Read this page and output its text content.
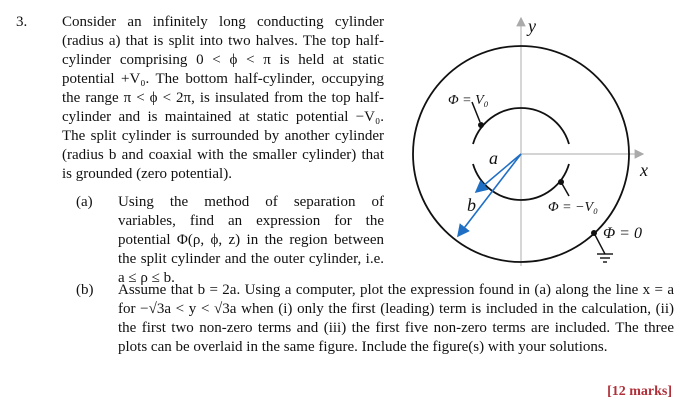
3. Consider an infinitely long conducting cylinder (radius a) that is split into two halves. The top half-cylinder comprising 0 < ϕ < π is held at static potential +V₀. The bottom half-cylinder, occupying the range π < ϕ < 2π, is insulated from the top half-cylinder and is maintained at static potential −V₀. The split cylinder is surrounded by another cylinder (radius b and coaxial with the smaller cylinder) that is grounded (zero potential).
(a) Using the method of separation of variables, find an expression for the potential Φ(ρ, ϕ, z) in the region between the split cylinder and the outer cylinder, i.e. a ≤ ρ ≤ b.
(b) Assume that b = 2a. Using a computer, plot the expression found in (a) along the line x = a for −√3a < y < √3a when (i) only the first (leading) term is included in the calculation, (ii) the first two non-zero terms and (iii) the first five non-zero terms are included. The three plots can be overlaid in the same figure. Include the figure(s) with your solutions.
[12 marks]
y
x
a
b
Φ = V₀
Φ = −V₀
Φ = 0
